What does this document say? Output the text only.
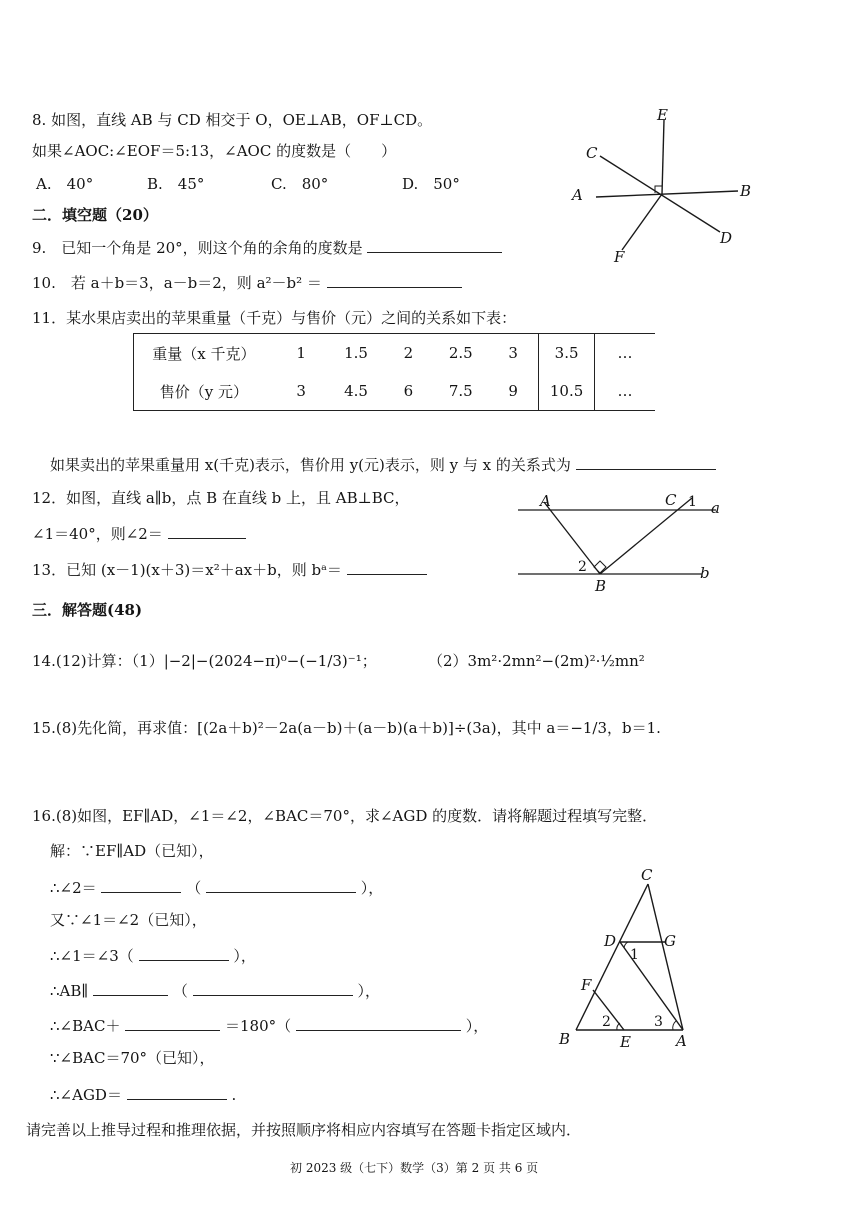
8. 如图，直线 AB 与 CD 相交于 O，OE⊥AB，OF⊥CD。
如果∠AOC:∠EOF＝5:13，∠AOC 的度数是（　　）
A.　40°	B.　45°	C.　80°	D.　50°
E
C
A	B
D
F
二．填空题（20）
9.　已知一个角是 20°，则这个角的余角的度数是
10.　若 a＋b＝3，a－b＝2，则 a²－b² ＝
11．某水果店卖出的苹果重量（千克）与售价（元）之间的关系如下表：
重量（x 千克）	1	1.5	2	2.5	3	3.5	…
售价（y 元）	3	4.5	6	7.5	9	10.5	…
如果卖出的苹果重量用 x(千克)表示，售价用 y(元)表示，则 y 与 x 的关系式为
12．如图，直线 a∥b，点 B 在直线 b 上，且 AB⊥BC，
∠1＝40°，则∠2＝
A	C 1 a
2
B
b
13．已知 (x－1)(x＋3)＝x²＋ax＋b，则 bᵃ＝
三．解答题(48)
14.(12)计算：（1）|−2|−(2024−π)⁰−(−1/3)⁻¹；	（2）3m²·2mn²−(2m)²·½mn²
15.(8)先化简，再求值：[(2a＋b)²－2a(a－b)＋(a－b)(a＋b)]÷(3a)，其中 a＝−1/3，b＝1.
16.(8)如图，EF∥AD，∠1＝∠2，∠BAC＝70°，求∠AGD 的度数．请将解题过程填写完整．
解：∵EF∥AD（已知），
∴∠2＝	（	），
又∵∠1＝∠2（已知），
∴∠1＝∠3（	），
∴AB∥	（	），
∴∠BAC＋	＝180°（	），
∵∠BAC＝70°（已知），
∴∠AGD＝	.
C
D	G
1
F
2	3
B	E	A
请完善以上推导过程和推理依据，并按照顺序将相应内容填写在答题卡指定区域内．
初 2023 级（七下）数学（3）第 2 页 共 6 页
